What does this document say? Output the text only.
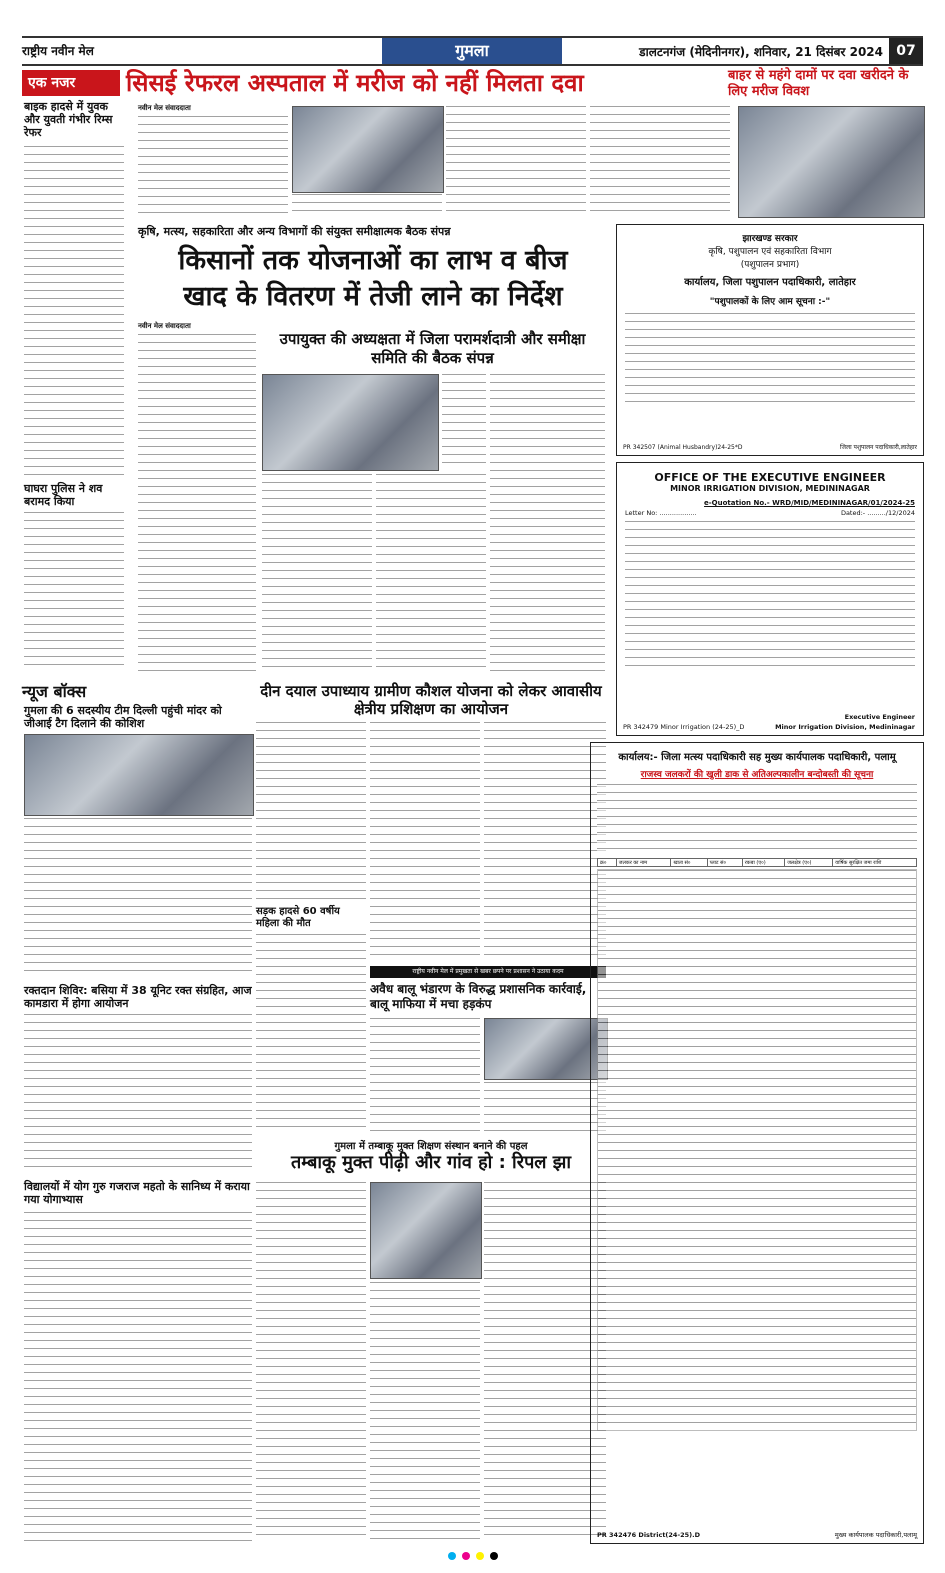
राष्ट्रीय नवीन मेल	गुमला	डालटनगंज (मेदिनीनगर), शनिवार, 21 दिसंबर 2024 07
एक नजर
बाइक हादसे में युवक और युवती गंभीर रिम्स रेफर
घाघरा पुलिस ने शव बरामद किया
सिसई रेफरल अस्पताल में मरीज को नहीं मिलता दवा	बाहर से महंगे दामों पर दवा खरीदने के लिए मरीज विवश
नवीन मेल संवाददाता
कृषि, मत्स्य, सहकारिता और अन्य विभागों की संयुक्त समीक्षात्मक बैठक संपन्न
किसानों तक योजनाओं का लाभ व बीज
खाद के वितरण में तेजी लाने का निर्देश
नवीन मेल संवाददाता
उपायुक्त की अध्यक्षता में जिला परामर्शदात्री और समीक्षा समिति की बैठक संपन्न
न्यूज बॉक्स
गुमला की 6 सदस्यीय टीम दिल्ली पहुंची मांदर को जीआई टैग दिलाने की कोशिश
रक्तदान शिविर: बसिया में 38 यूनिट रक्त संग्रहित, आज कामडारा में होगा आयोजन
विद्यालयों में योग गुरु गजराज महतो के सानिध्य में कराया गया योगाभ्यास
दीन दयाल उपाध्याय ग्रामीण कौशल योजना को लेकर आवासीय क्षेत्रीय प्रशिक्षण का आयोजन
सड़क हादसे 60 वर्षीय महिला की मौत
राष्ट्रीय नवीन मेल में प्रमुखता से खबर छपने पर प्रशासन ने उठाया कदम
अवैध बालू भंडारण के विरुद्ध प्रशासनिक कार्रवाई, बालू माफिया में मचा हड़कंप
गुमला में तम्बाकू मुक्त शिक्षण संस्थान बनाने की पहल
तम्बाकू मुक्त पीढ़ी और गांव हो : रिपल झा
झारखण्ड सरकार
कृषि, पशुपालन एवं सहकारिता विभाग
(पशुपालन प्रभाग)
कार्यालय, जिला पशुपालन पदाधिकारी, लातेहार
"पशुपालकों के लिए आम सूचना :-"
PR 342507 (Animal Husbandry)24-25*D	जिला पशुपालन पदाधिकारी,लातेहार
OFFICE OF THE EXECUTIVE ENGINEER
MINOR IRRIGATION DIVISION, MEDININAGAR
e-Quotation No.- WRD/MID/MEDININAGAR/01/2024-25
Letter No: ..................	Dated:- ........./12/2024
Executive Engineer
PR 342479 Minor Irrigation (24-25)_D	Minor Irrigation Division, Medininagar
कार्यालय:- जिला मत्स्य पदाधिकारी सह मुख्य कार्यपालक पदाधिकारी, पलामू
राजस्व जलकरों की खुली डाक से अतिअल्पकालीन बन्दोबस्ती की सूचना
क्र०	जलकर का नाम	खाता सं०	प्लाट सं०	रकबा (ए०)	जलक्षेत्र (ए०)	वार्षिक सुरक्षित जमा राशि
PR 342476 District(24-25).D	मुख्य कार्यपालक पदाधिकारी,पलामू
